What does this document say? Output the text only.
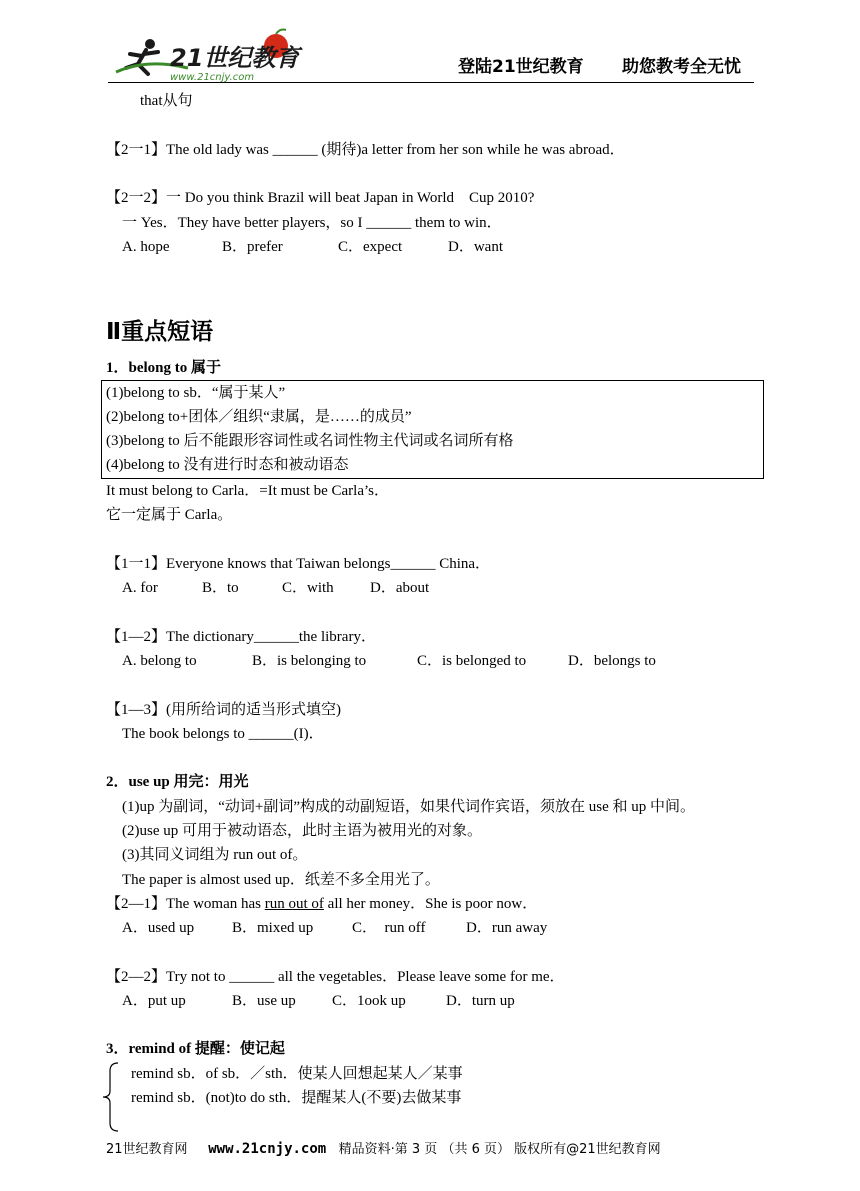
21世纪教育
www.21cnjy.com
登陆21世纪教育 助您教考全无忧
that从句
【2一1】The old lady was ______ (期待)a letter from her son while he was abroad．
【2一2】一 Do you think Brazil will beat Japan in World　Cup 2010?
一 Yes．They have better players，so I ______ them to win．
A. hope	B．prefer	C．expect	D．want
Ⅱ重点短语
1．belong to 属于
(1)belong to sb．“属于某人”
(2)belong to+团体／组织“隶属，是……的成员”
(3)belong to 后不能跟形容词性或名词性物主代词或名词所有格
(4)belong to 没有进行时态和被动语态
It must belong to Carla．=It must be Carla’s．
它一定属于 Carla。
【1一1】Everyone knows that Taiwan belongs______ China．
A. for	B．to	C．with D．about
【1—2】The dictionary______the library．
A. belong to	B．is belonging to	C．is belonged to	D．belongs to
【1—3】(用所给词的适当形式填空)
The book belongs to ______(I)．
2．use up 用完：用光
(1)up 为副词，“动词+副词”构成的动副短语，如果代词作宾语，须放在 use 和 up 中间。
(2)use up 可用于被动语态，此时主语为被用光的对象。
(3)其同义词组为 run out of。
The paper is almost used up．纸差不多全用光了。
【2—1】The woman has run out of all her money．She is poor now．
A．used up	B．mixed up	C．　run off	D．run away
【2—2】Try not to ______ all the vegetables．Please leave some for me．
A．put up	B．use up C．1ook up	D．turn up
3．remind of 提醒：使记起
remind sb．of sb．／sth．使某人回想起某人／某事
remind sb．(not)to do sth．提醒某人(不要)去做某事
21世纪教育网 www.21cnjy.com 精品资料·第 3 页 （共 6 页） 版权所有@21世纪教育网
